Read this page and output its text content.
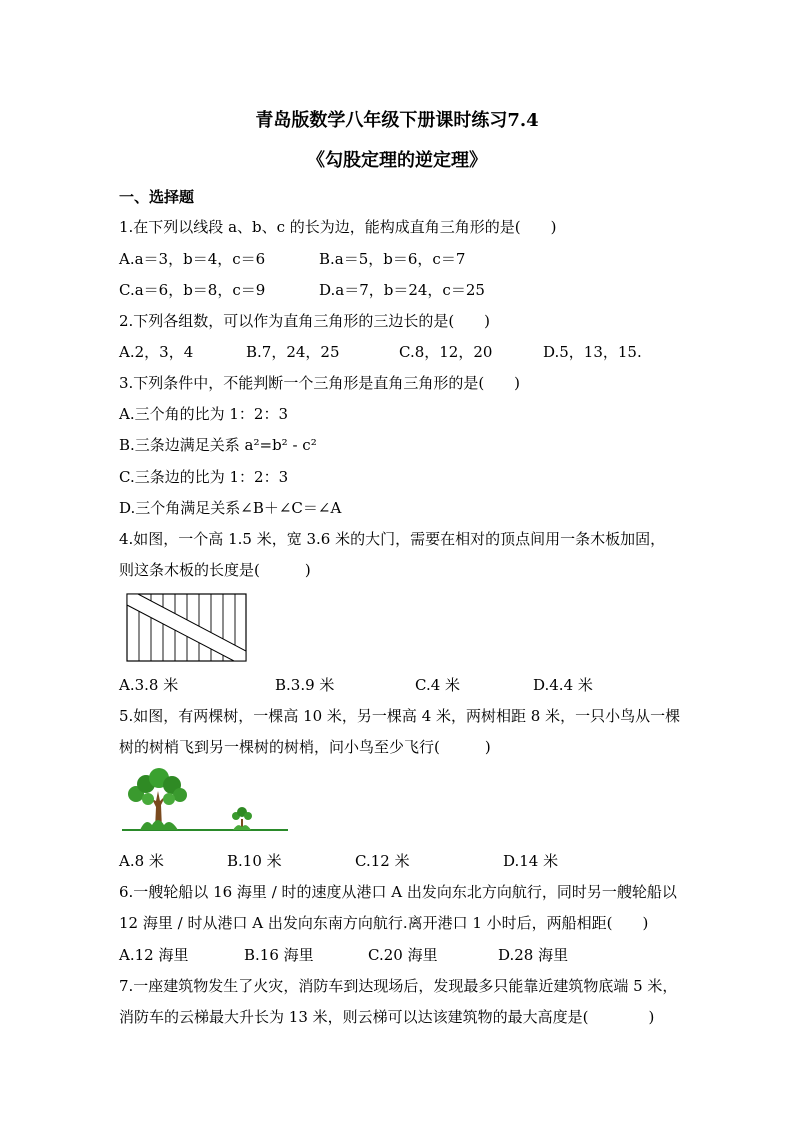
青岛版数学八年级下册课时练习7.4
《勾股定理的逆定理》
一、选择题
1.在下列以线段 a、b、c 的长为边，能构成直角三角形的是(　　)
A.a＝3，b＝4，c＝6	B.a＝5，b＝6，c＝7
C.a＝6，b＝8，c＝9	D.a＝7，b＝24，c＝25
2.下列各组数，可以作为直角三角形的三边长的是(　　)
A.2，3，4	B.7，24，25	C.8，12，20	D.5，13，15.
3.下列条件中，不能判断一个三角形是直角三角形的是(　　)
A.三个角的比为 1：2：3
B.三条边满足关系 a²=b² - c²
C.三条边的比为 1：2：3
D.三个角满足关系∠B＋∠C＝∠A
4.如图，一个高 1.5 米，宽 3.6 米的大门，需要在相对的顶点间用一条木板加固，
则这条木板的长度是(　　　)
A.3.8 米	B.3.9 米	C.4 米	D.4.4 米
5.如图，有两棵树，一棵高 10 米，另一棵高 4 米，两树相距 8 米，一只小鸟从一棵
树的树梢飞到另一棵树的树梢，问小鸟至少飞行(　　　)
A.8 米	B.10 米	C.12 米	D.14 米
6.一艘轮船以 16 海里 / 时的速度从港口 A 出发向东北方向航行，同时另一艘轮船以
12 海里 / 时从港口 A 出发向东南方向航行.离开港口 1 小时后，两船相距(　　)
A.12 海里	B.16 海里	C.20 海里	D.28 海里
7.一座建筑物发生了火灾，消防车到达现场后，发现最多只能靠近建筑物底端 5 米，
消防车的云梯最大升长为 13 米，则云梯可以达该建筑物的最大高度是(　　　　)
